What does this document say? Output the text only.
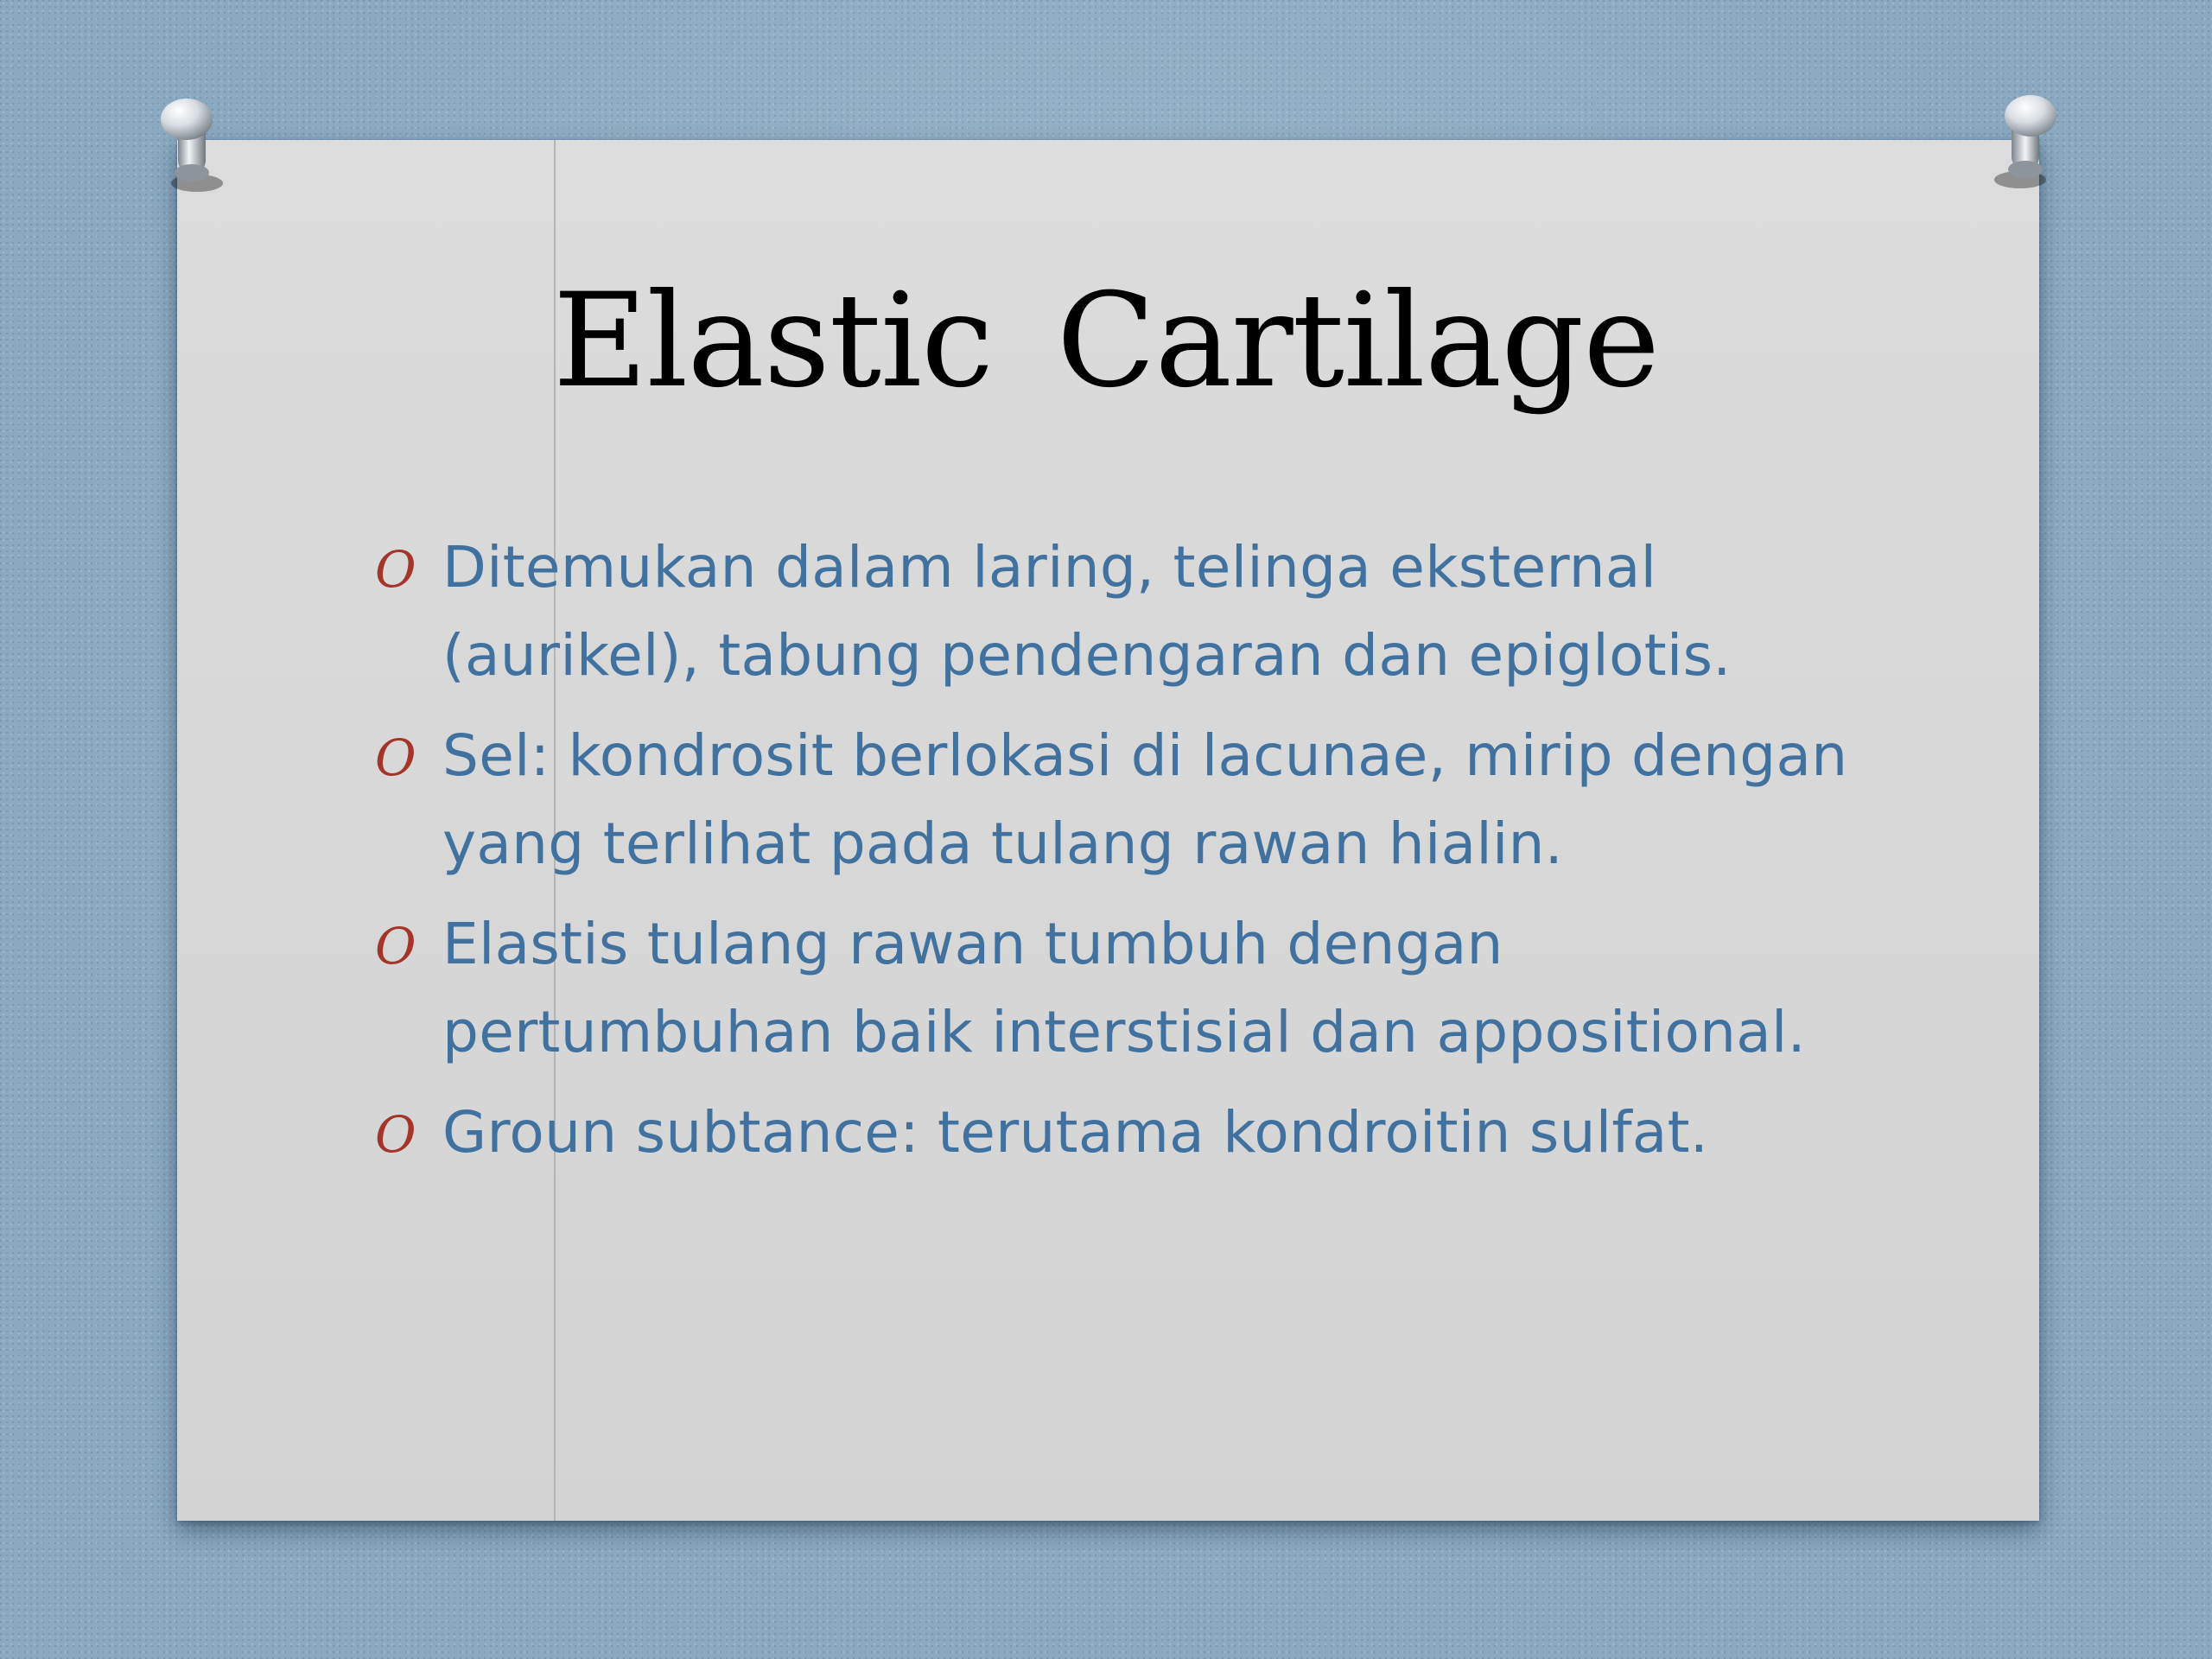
Elastic Cartilage
O Ditemukan dalam laring, telinga eksternal (aurikel), tabung pendengaran dan epiglotis.
O Sel: kondrosit berlokasi di lacunae, mirip dengan yang terlihat pada tulang rawan hialin.
O Elastis tulang rawan tumbuh dengan pertumbuhan baik interstisial dan appositional.
O Groun subtance: terutama kondroitin sulfat.
